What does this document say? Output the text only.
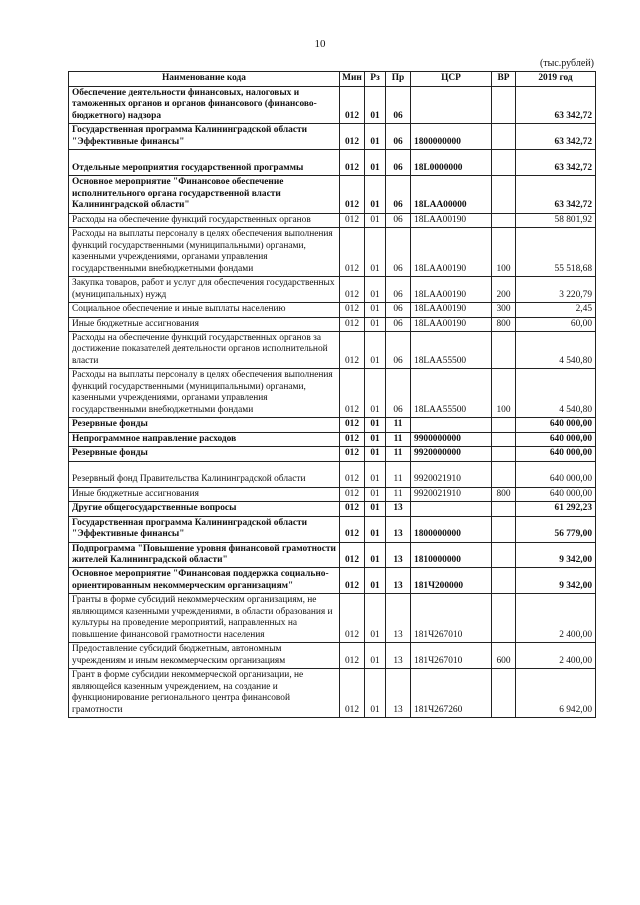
10
(тыс.рублей)
Наименование кода	Мин	Рз	Пр	ЦСР	ВР	2019 год
Обеспечение деятельности финансовых, налоговых и таможенных органов и органов финансового (финансово-бюджетного) надзора	012	01	06			63 342,72
Государственная программа Калининградской области "Эффективные финансы"	012	01	06	1800000000		63 342,72
Отдельные мероприятия государственной программы	012	01	06	18L0000000		63 342,72
Основное мероприятие "Финансовое обеспечение исполнительного органа государственной власти Калининградской области"	012	01	06	18LAA00000		63 342,72
Расходы на обеспечение функций государственных органов	012	01	06	18LAA00190		58 801,92
Расходы на выплаты персоналу в целях обеспечения выполнения функций государственными (муниципальными) органами, казенными учреждениями, органами управления государственными внебюджетными фондами	012	01	06	18LAA00190	100	55 518,68
Закупка товаров, работ и услуг для обеспечения государственных (муниципальных) нужд	012	01	06	18LAA00190	200	3 220,79
Социальное обеспечение и иные выплаты населению	012	01	06	18LAA00190	300	2,45
Иные бюджетные ассигнования	012	01	06	18LAA00190	800	60,00
Расходы на обеспечение функций государственных органов за достижение показателей деятельности органов исполнительной власти	012	01	06	18LAA55500		4 540,80
Расходы на выплаты персоналу в целях обеспечения выполнения функций государственными (муниципальными) органами, казенными учреждениями, органами управления государственными внебюджетными фондами	012	01	06	18LAA55500	100	4 540,80
Резервные фонды	012	01	11			640 000,00
Непрограммное направление расходов	012	01	11	9900000000		640 000,00
Резервные фонды	012	01	11	9920000000		640 000,00
Резервный фонд Правительства Калининградской области	012	01	11	9920021910		640 000,00
Иные бюджетные ассигнования	012	01	11	9920021910	800	640 000,00
Другие общегосударственные вопросы	012	01	13			61 292,23
Государственная программа Калининградской области "Эффективные финансы"	012	01	13	1800000000		56 779,00
Подпрограмма "Повышение уровня финансовой грамотности жителей Калининградской области"	012	01	13	1810000000		9 342,00
Основное мероприятие "Финансовая поддержка социально-ориентированным некоммерческим организациям"	012	01	13	181Ч200000		9 342,00
Гранты в форме субсидий некоммерческим организациям, не являющимся казенными учреждениями, в области образования и культуры на проведение мероприятий, направленных на повышение финансовой грамотности населения	012	01	13	181Ч267010		2 400,00
Предоставление субсидий бюджетным, автономным учреждениям и иным некоммерческим организациям	012	01	13	181Ч267010	600	2 400,00
Грант в форме субсидии некоммерческой организации, не являющейся казенным учреждением, на создание и функционирование регионального центра финансовой грамотности	012	01	13	181Ч267260		6 942,00
